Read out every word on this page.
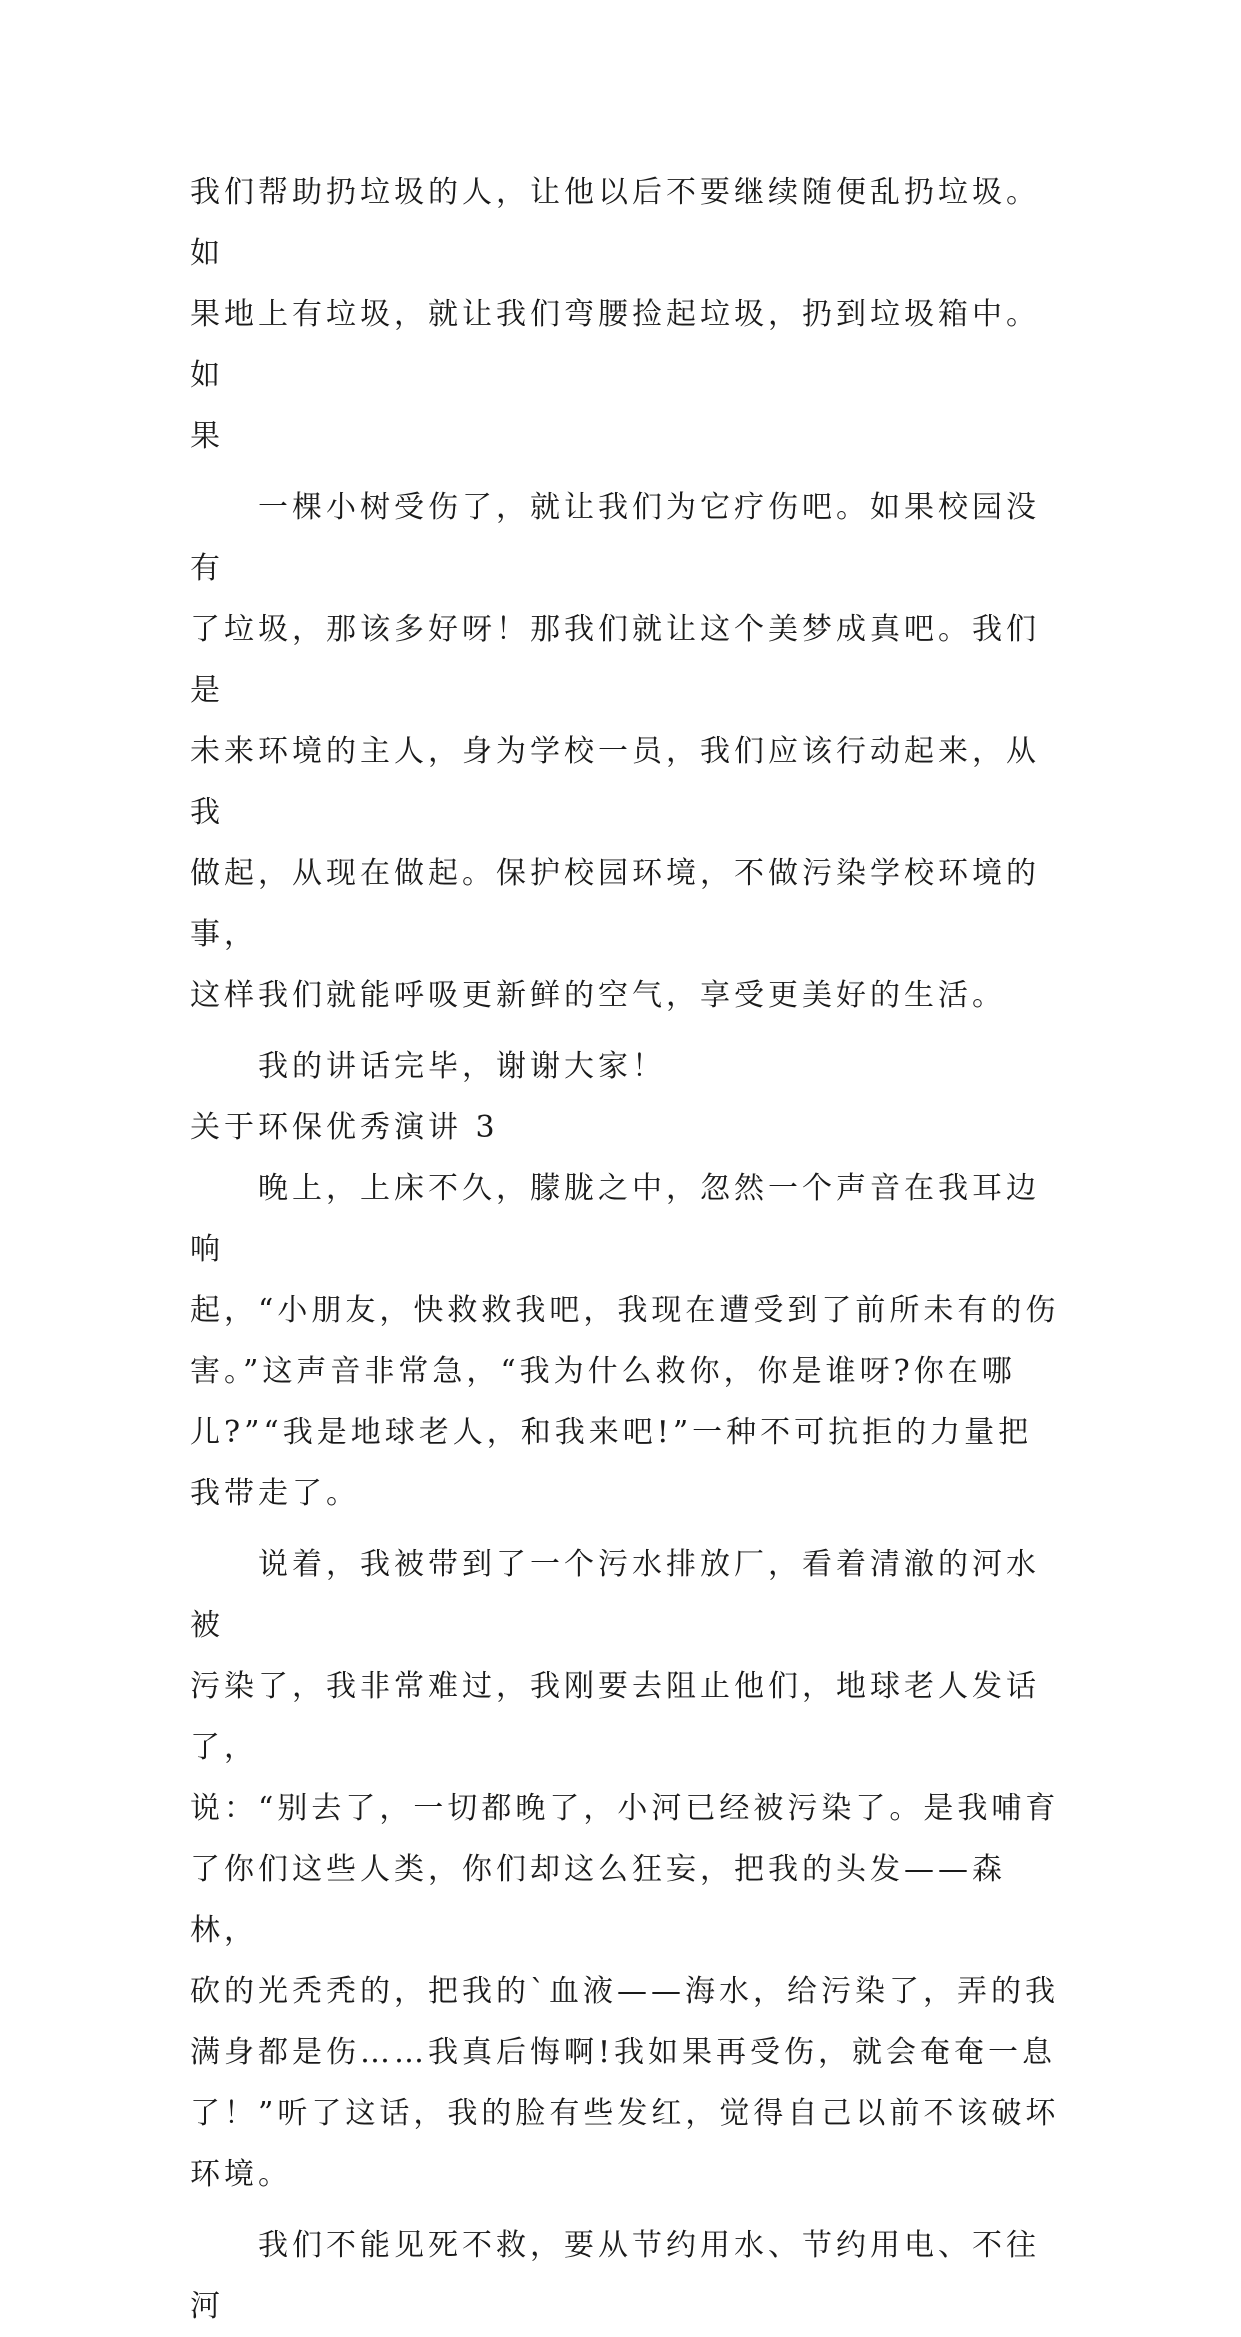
我们帮助扔垃圾的人，让他以后不要继续随便乱扔垃圾。如
果地上有垃圾，就让我们弯腰捡起垃圾，扔到垃圾箱中。如
果

一棵小树受伤了，就让我们为它疗伤吧。如果校园没有
了垃圾，那该多好呀！那我们就让这个美梦成真吧。我们是
未来环境的主人，身为学校一员，我们应该行动起来，从我
做起，从现在做起。保护校园环境，不做污染学校环境的事，
这样我们就能呼吸更新鲜的空气，享受更美好的生活。

我的讲话完毕，谢谢大家！

关于环保优秀演讲 3

晚上，上床不久，朦胧之中，忽然一个声音在我耳边响
起，“小朋友，快救救我吧，我现在遭受到了前所未有的伤
害。”这声音非常急，“我为什么救你，你是谁呀?你在哪
儿?”“我是地球老人，和我来吧!”一种不可抗拒的力量把
我带走了。

说着，我被带到了一个污水排放厂，看着清澈的河水被
污染了，我非常难过，我刚要去阻止他们，地球老人发话了，
说：“别去了，一切都晚了，小河已经被污染了。是我哺育
了你们这些人类，你们却这么狂妄，把我的头发——森林，
砍的光秃秃的，把我的`血液——海水，给污染了，弄的我
满身都是伤……我真后悔啊!我如果再受伤，就会奄奄一息
了！”听了这话，我的脸有些发红，觉得自己以前不该破坏
环境。

我们不能见死不救，要从节约用水、节约用电、不往河
